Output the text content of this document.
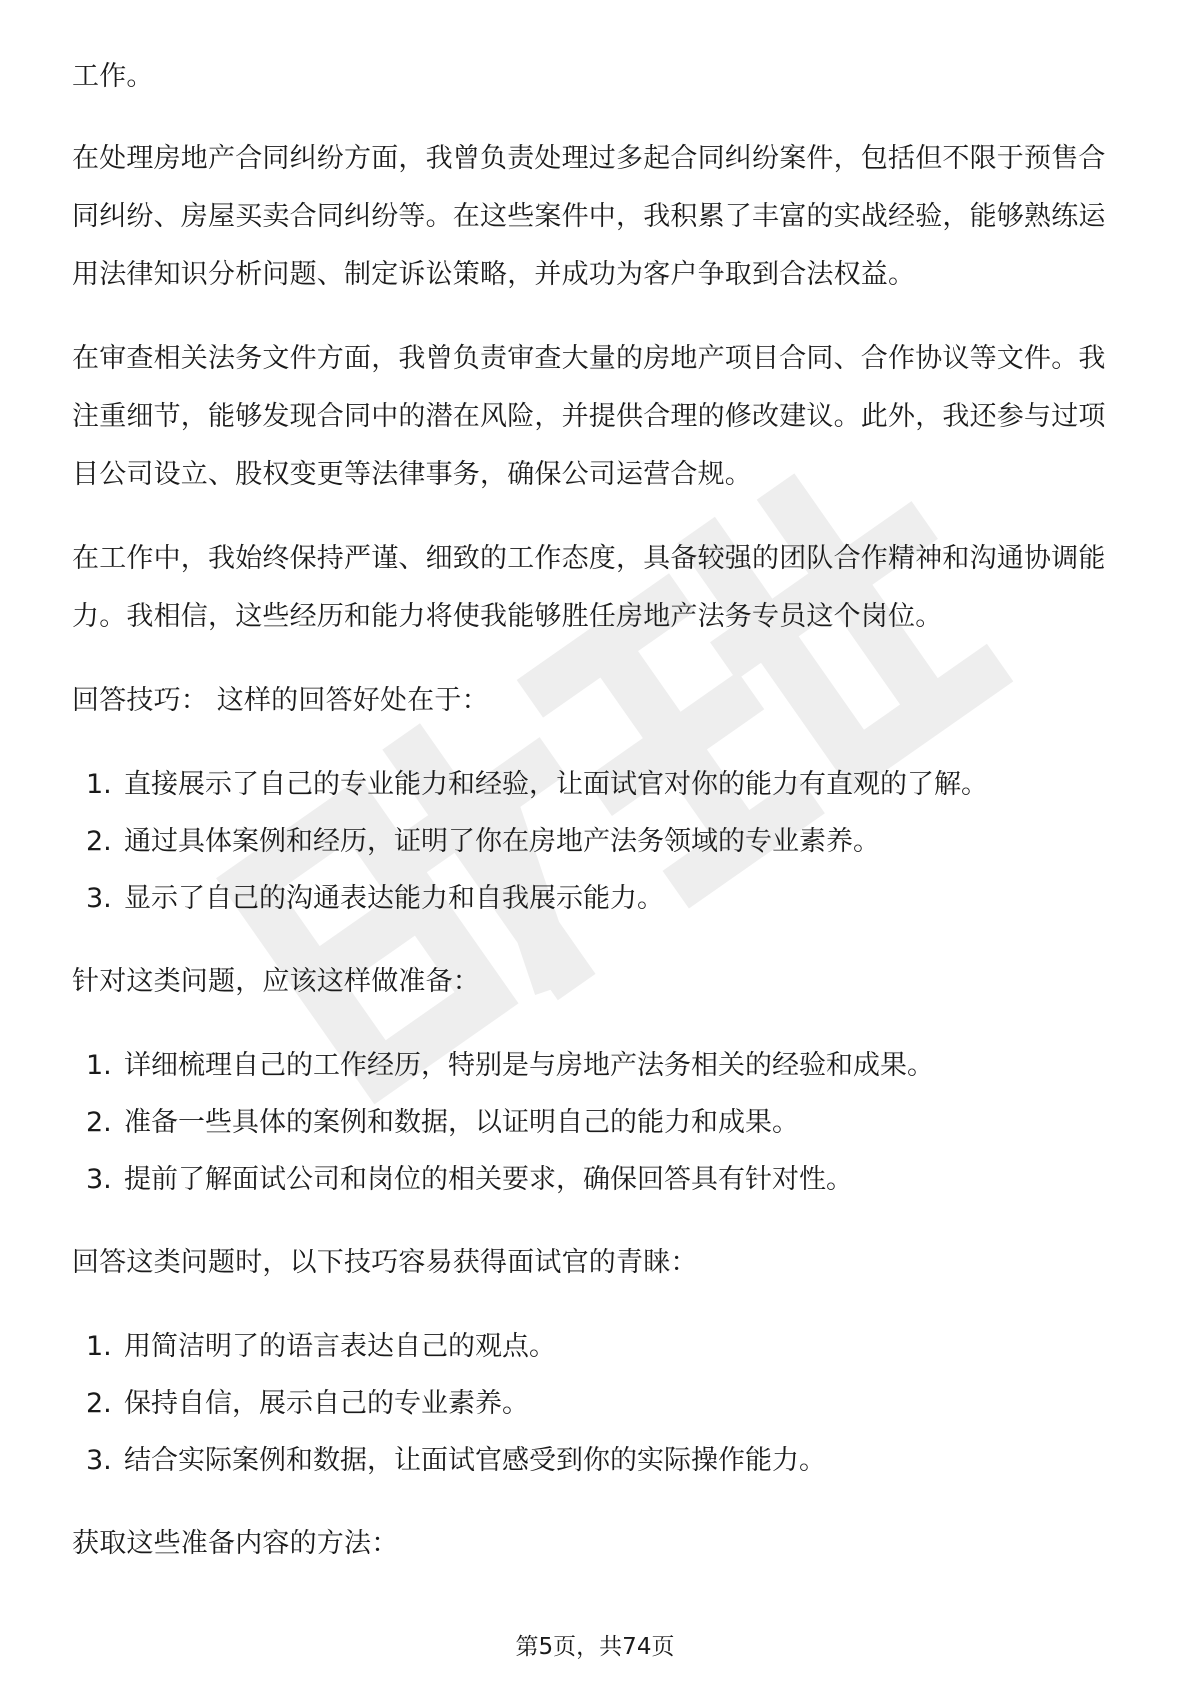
工作。

在处理房地产合同纠纷方面，我曾负责处理过多起合同纠纷案件，包括但不限于预售合同纠纷、房屋买卖合同纠纷等。在这些案件中，我积累了丰富的实战经验，能够熟练运用法律知识分析问题、制定诉讼策略，并成功为客户争取到合法权益。

在审查相关法务文件方面，我曾负责审查大量的房地产项目合同、合作协议等文件。我注重细节，能够发现合同中的潜在风险，并提供合理的修改建议。此外，我还参与过项目公司设立、股权变更等法律事务，确保公司运营合规。

在工作中，我始终保持严谨、细致的工作态度，具备较强的团队合作精神和沟通协调能力。我相信，这些经历和能力将使我能够胜任房地产法务专员这个岗位。

回答技巧： 这样的回答好处在于：

1. 直接展示了自己的专业能力和经验，让面试官对你的能力有直观的了解。
2. 通过具体案例和经历，证明了你在房地产法务领域的专业素养。
3. 显示了自己的沟通表达能力和自我展示能力。

针对这类问题，应该这样做准备：

1. 详细梳理自己的工作经历，特别是与房地产法务相关的经验和成果。
2. 准备一些具体的案例和数据，以证明自己的能力和成果。
3. 提前了解面试公司和岗位的相关要求，确保回答具有针对性。

回答这类问题时，以下技巧容易获得面试官的青睐：

1. 用简洁明了的语言表达自己的观点。
2. 保持自信，展示自己的专业素养。
3. 结合实际案例和数据，让面试官感受到你的实际操作能力。

获取这些准备内容的方法：

第5页，共74页
